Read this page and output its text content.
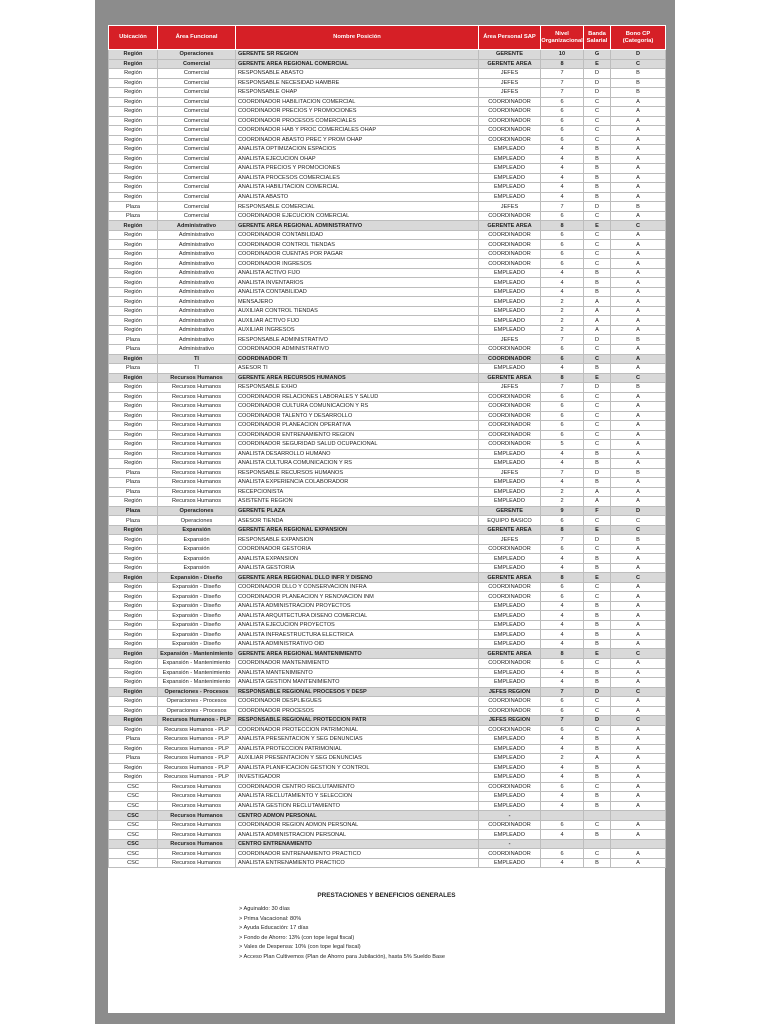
Ubicación	Área Funcional	Nombre Posición	Área Personal SAP	Nivel Organizacional	Banda Salarial	Bono CP (Categoría)
Región	Operaciones	GERENTE SR REGION	GERENTE	10	G	D
Región	Comercial	GERENTE AREA REGIONAL COMERCIAL	GERENTE AREA	8	E	C
Región	Comercial	RESPONSABLE ABASTO	JEFES	7	D	B
Región	Comercial	RESPONSABLE NECESIDAD HAMBRE	JEFES	7	D	B
Región	Comercial	RESPONSABLE OHAP	JEFES	7	D	B
Región	Comercial	COORDINADOR HABILITACION COMERCIAL	COORDINADOR	6	C	A
Región	Comercial	COORDINADOR PRECIOS Y PROMOCIONES	COORDINADOR	6	C	A
Región	Comercial	COORDINADOR PROCESOS COMERCIALES	COORDINADOR	6	C	A
Región	Comercial	COORDINADOR HAB Y PROC COMERCIALES OHAP	COORDINADOR	6	C	A
Región	Comercial	COORDINADOR ABASTO PREC Y PROM OHAP	COORDINADOR	6	C	A
Región	Comercial	ANALISTA OPTIMIZACION ESPACIOS	EMPLEADO	4	B	A
Región	Comercial	ANALISTA EJECUCION OHAP	EMPLEADO	4	B	A
Región	Comercial	ANALISTA PRECIOS Y PROMOCIONES	EMPLEADO	4	B	A
Región	Comercial	ANALISTA PROCESOS COMERCIALES	EMPLEADO	4	B	A
Región	Comercial	ANALISTA HABILITACION COMERCIAL	EMPLEADO	4	B	A
Región	Comercial	ANALISTA ABASTO	EMPLEADO	4	B	A
Plaza	Comercial	RESPONSABLE COMERCIAL	JEFES	7	D	B
Plaza	Comercial	COORDINADOR EJECUCION COMERCIAL	COORDINADOR	6	C	A
Región	Administrativo	GERENTE AREA REGIONAL ADMINISTRATIVO	GERENTE AREA	8	E	C
Región	Administrativo	COORDINADOR CONTABILIDAD	COORDINADOR	6	C	A
Región	Administrativo	COORDINADOR CONTROL TIENDAS	COORDINADOR	6	C	A
Región	Administrativo	COORDINADOR CUENTAS POR PAGAR	COORDINADOR	6	C	A
Región	Administrativo	COORDINADOR INGRESOS	COORDINADOR	6	C	A
Región	Administrativo	ANALISTA ACTIVO FIJO	EMPLEADO	4	B	A
Región	Administrativo	ANALISTA INVENTARIOS	EMPLEADO	4	B	A
Región	Administrativo	ANALISTA CONTABILIDAD	EMPLEADO	4	B	A
Región	Administrativo	MENSAJERO	EMPLEADO	2	A	A
Región	Administrativo	AUXILIAR CONTROL TIENDAS	EMPLEADO	2	A	A
Región	Administrativo	AUXILIAR ACTIVO FIJO	EMPLEADO	2	A	A
Región	Administrativo	AUXILIAR INGRESOS	EMPLEADO	2	A	A
Plaza	Administrativo	RESPONSABLE ADMINISTRATIVO	JEFES	7	D	B
Plaza	Administrativo	COORDINADOR ADMINISTRATIVO	COORDINADOR	6	C	A
Región	TI	COORDINADOR TI	COORDINADOR	6	C	A
Plaza	TI	ASESOR TI	EMPLEADO	4	B	A
Región	Recursos Humanos	GERENTE AREA RECURSOS HUMANOS	GERENTE AREA	8	E	C
Región	Recursos Humanos	RESPONSABLE EXHO	JEFES	7	D	B
Región	Recursos Humanos	COORDINADOR RELACIONES LABORALES Y SALUD	COORDINADOR	6	C	A
Región	Recursos Humanos	COORDINADOR CULTURA COMUNICACION Y RS	COORDINADOR	6	C	A
Región	Recursos Humanos	COORDINADOR TALENTO Y DESARROLLO	COORDINADOR	6	C	A
Región	Recursos Humanos	COORDINADOR PLANEACION OPERATIVA	COORDINADOR	6	C	A
Región	Recursos Humanos	COORDINADOR ENTRENAMIENTO REGION	COORDINADOR	6	C	A
Región	Recursos Humanos	COORDINADOR SEGURIDAD SALUD OCUPACIONAL	COORDINADOR	5	C	A
Región	Recursos Humanos	ANALISTA DESARROLLO HUMANO	EMPLEADO	4	B	A
Región	Recursos Humanos	ANALISTA CULTURA COMUNICACION Y RS	EMPLEADO	4	B	A
Plaza	Recursos Humanos	RESPONSABLE RECURSOS HUMANOS	JEFES	7	D	B
Plaza	Recursos Humanos	ANALISTA EXPERIENCIA COLABORADOR	EMPLEADO	4	B	A
Plaza	Recursos Humanos	RECEPCIONISTA	EMPLEADO	2	A	A
Región	Recursos Humanos	ASISTENTE REGION	EMPLEADO	2	A	A
Plaza	Operaciones	GERENTE PLAZA	GERENTE	9	F	D
Plaza	Operaciones	ASESOR TIENDA	EQUIPO BASICO	6	C	C
Región	Expansión	GERENTE AREA REGIONAL EXPANSION	GERENTE AREA	8	E	C
Región	Expansión	RESPONSABLE EXPANSION	JEFES	7	D	B
Región	Expansión	COORDINADOR GESTORIA	COORDINADOR	6	C	A
Región	Expansión	ANALISTA EXPANSION	EMPLEADO	4	B	A
Región	Expansión	ANALISTA GESTORIA	EMPLEADO	4	B	A
Región	Expansión - Diseño	GERENTE AREA REGIONAL DLLO INFR Y DISENO	GERENTE AREA	8	E	C
Región	Expansión - Diseño	COORDINADOR DLLO Y CONSERVACION INFRA	COORDINADOR	6	C	A
Región	Expansión - Diseño	COORDINADOR PLANEACION Y RENOVACION INM	COORDINADOR	6	C	A
Región	Expansión - Diseño	ANALISTA ADMINISTRACION PROYECTOS	EMPLEADO	4	B	A
Región	Expansión - Diseño	ANALISTA ARQUITECTURA DISENO COMERCIAL	EMPLEADO	4	B	A
Región	Expansión - Diseño	ANALISTA EJECUCION PROYECTOS	EMPLEADO	4	B	A
Región	Expansión - Diseño	ANALISTA INFRAESTRUCTURA ELECTRICA	EMPLEADO	4	B	A
Región	Expansión - Diseño	ANALISTA ADMINISTRATIVO OID	EMPLEADO	4	B	A
Región	Expansión - Mantenimiento	GERENTE AREA REGIONAL MANTENIMIENTO	GERENTE AREA	8	E	C
Región	Expansión - Mantenimiento	COORDINADOR MANTENIMIENTO	COORDINADOR	6	C	A
Región	Expansión - Mantenimiento	ANALISTA MANTENIMIENTO	EMPLEADO	4	B	A
Región	Expansión - Mantenimiento	ANALISTA GESTION MANTENIMIENTO	EMPLEADO	4	B	A
Región	Operaciones - Procesos	RESPONSABLE REGIONAL PROCESOS Y DESP	JEFES REGION	7	D	C
Región	Operaciones - Procesos	COORDINADOR DESPLIEGUES	COORDINADOR	6	C	A
Región	Operaciones - Procesos	COORDINADOR PROCESOS	COORDINADOR	6	C	A
Región	Recursos Humanos - PLP	RESPONSABLE REGIONAL PROTECCION PATR	JEFES REGION	7	D	C
Región	Recursos Humanos - PLP	COORDINADOR PROTECCION PATRIMONIAL	COORDINADOR	6	C	A
Plaza	Recursos Humanos - PLP	ANALISTA PRESENTACION Y SEG DENUNCIAS	EMPLEADO	4	B	A
Región	Recursos Humanos - PLP	ANALISTA PROTECCION PATRIMONIAL	EMPLEADO	4	B	A
Plaza	Recursos Humanos - PLP	AUXILIAR PRESENTACION Y SEG DENUNCIAS	EMPLEADO	2	A	A
Región	Recursos Humanos - PLP	ANALISTA PLANIFICACION GESTION Y CONTROL	EMPLEADO	4	B	A
Región	Recursos Humanos - PLP	INVESTIGADOR	EMPLEADO	4	B	A
CSC	Recursos Humanos	COORDINADOR CENTRO RECLUTAMIENTO	COORDINADOR	6	C	A
CSC	Recursos Humanos	ANALISTA RECLUTAMIENTO Y SELECCION	EMPLEADO	4	B	A
CSC	Recursos Humanos	ANALISTA GESTION RECLUTAMIENTO	EMPLEADO	4	B	A
CSC	Recursos Humanos	CENTRO ADMON PERSONAL	-			
CSC	Recursos Humanos	COORDINADOR REGION ADMON PERSONAL	COORDINADOR	6	C	A
CSC	Recursos Humanos	ANALISTA ADMINISTRACION PERSONAL	EMPLEADO	4	B	A
CSC	Recursos Humanos	CENTRO ENTRENAMIENTO	-			
CSC	Recursos Humanos	COORDINADOR ENTRENAMIENTO PRACTICO	COORDINADOR	6	C	A
CSC	Recursos Humanos	ANALISTA ENTRENAMIENTO PRACTICO	EMPLEADO	4	B	A
PRESTACIONES Y BENEFICIOS GENERALES
> Aguinaldo: 30 días
> Prima Vacacional: 80%
> Ayuda Educación: 17 días
> Fondo de Ahorro: 13% (con tope legal fiscal)
> Vales de Despensa: 10% (con tope legal fiscal)
> Acceso Plan Cultivemos (Plan de Ahorro para Jubilación), hasta 5% Sueldo Base
